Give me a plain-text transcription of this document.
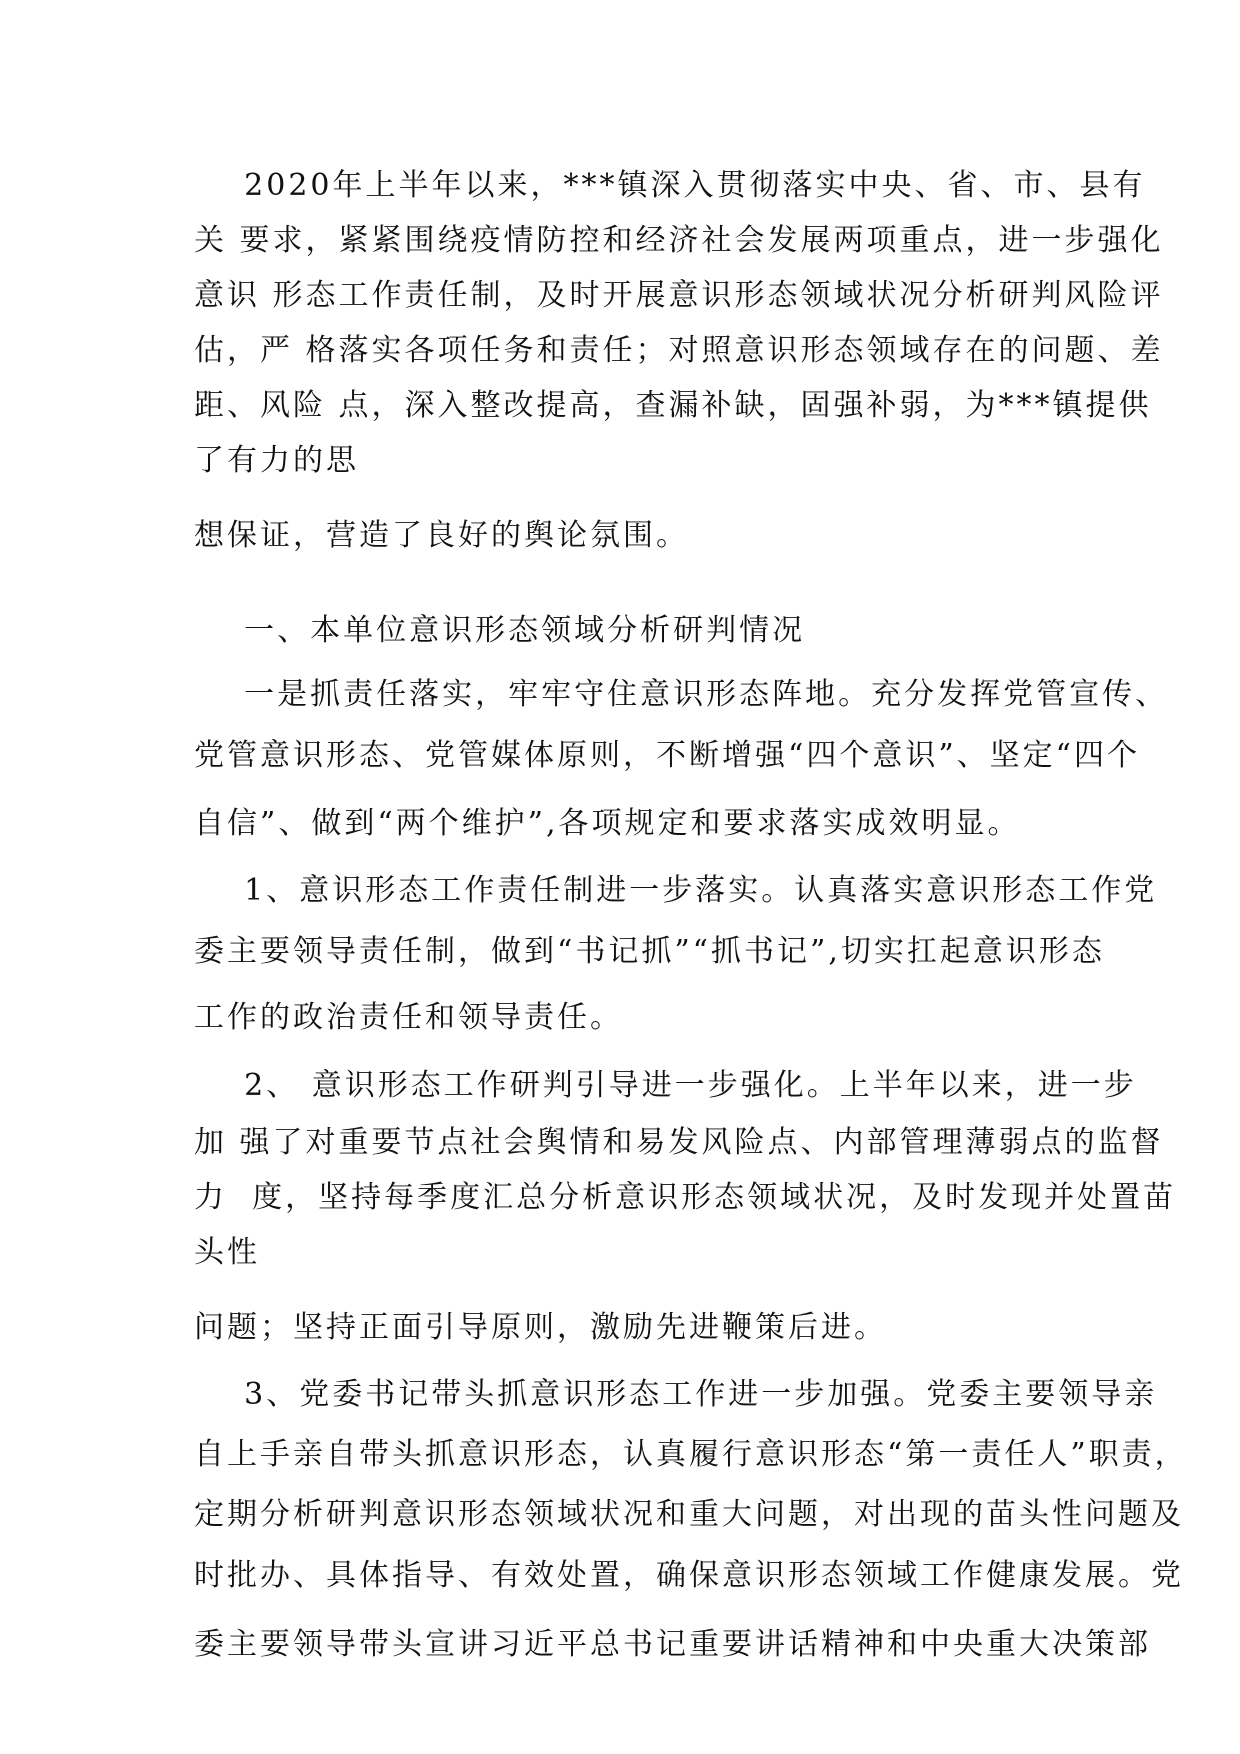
2020年上半年以来，***镇深入贯彻落实中央、省、市、县有
关 要求，紧紧围绕疫情防控和经济社会发展两项重点，进一步强化
意识 形态工作责任制，及时开展意识形态领域状况分析研判风险评
估，严 格落实各项任务和责任；对照意识形态领域存在的问题、差
距、风险 点，深入整改提高，查漏补缺，固强补弱，为***镇提供
了有力的思
想保证，营造了良好的舆论氛围。
一、本单位意识形态领域分析研判情况
一是抓责任落实，牢牢守住意识形态阵地。充分发挥党管宣传、
党管意识形态、党管媒体原则，不断增强“四个意识”、坚定“四个
自信”、做到“两个维护”,各项规定和要求落实成效明显。
1、意识形态工作责任制进一步落实。认真落实意识形态工作党
委主要领导责任制，做到“书记抓”“抓书记”,切实扛起意识形态
工作的政治责任和领导责任。
2、 意识形态工作研判引导进一步强化。上半年以来，进一步
加 强了对重要节点社会舆情和易发风险点、内部管理薄弱点的监督
力  度，坚持每季度汇总分析意识形态领域状况，及时发现并处置苗
头性
问题；坚持正面引导原则，激励先进鞭策后进。
3、党委书记带头抓意识形态工作进一步加强。党委主要领导亲
自上手亲自带头抓意识形态，认真履行意识形态“第一责任人”职责，
定期分析研判意识形态领域状况和重大问题，对出现的苗头性问题及
时批办、具体指导、有效处置，确保意识形态领域工作健康发展。党
委主要领导带头宣讲习近平总书记重要讲话精神和中央重大决策部
